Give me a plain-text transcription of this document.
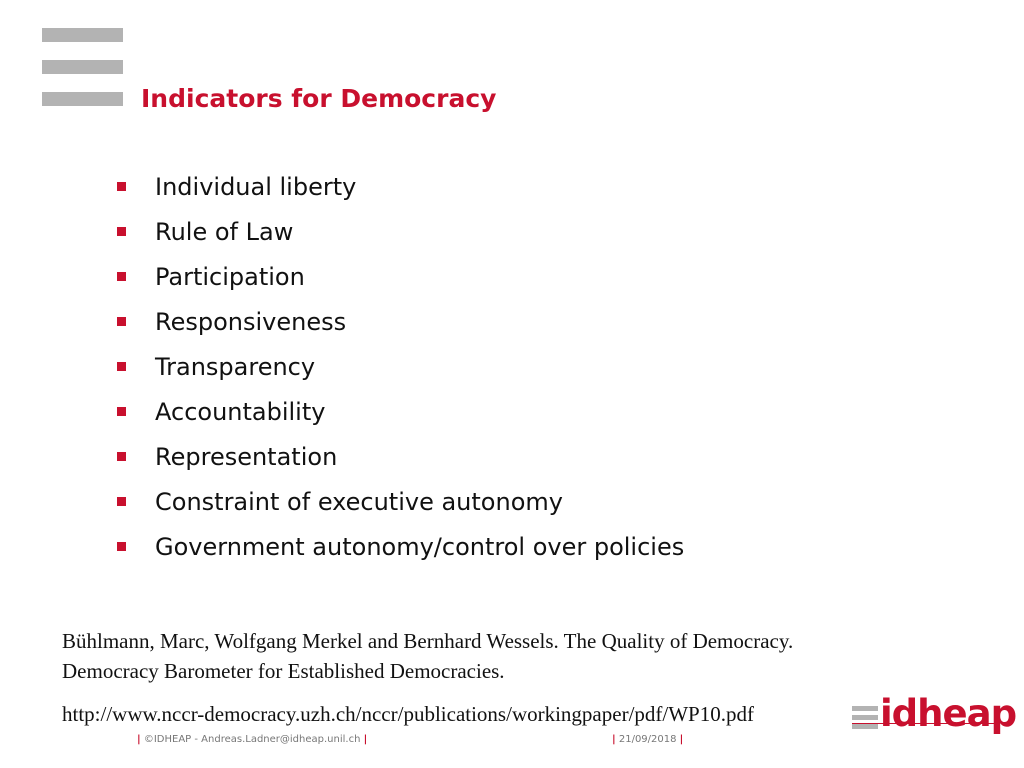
Indicators for Democracy
Individual liberty
Rule of Law
Participation
Responsiveness
Transparency
Accountability
Representation
Constraint of executive autonomy
Government autonomy/control over policies
Bühlmann, Marc, Wolfgang Merkel and Bernhard Wessels. The Quality of Democracy.
Democracy Barometer for Established Democracies.
http://www.nccr-democracy.uzh.ch/nccr/publications/workingpaper/pdf/WP10.pdf	idheap
| ©IDHEAP - Andreas.Ladner@idheap.unil.ch |	| 21/09/2018 |
